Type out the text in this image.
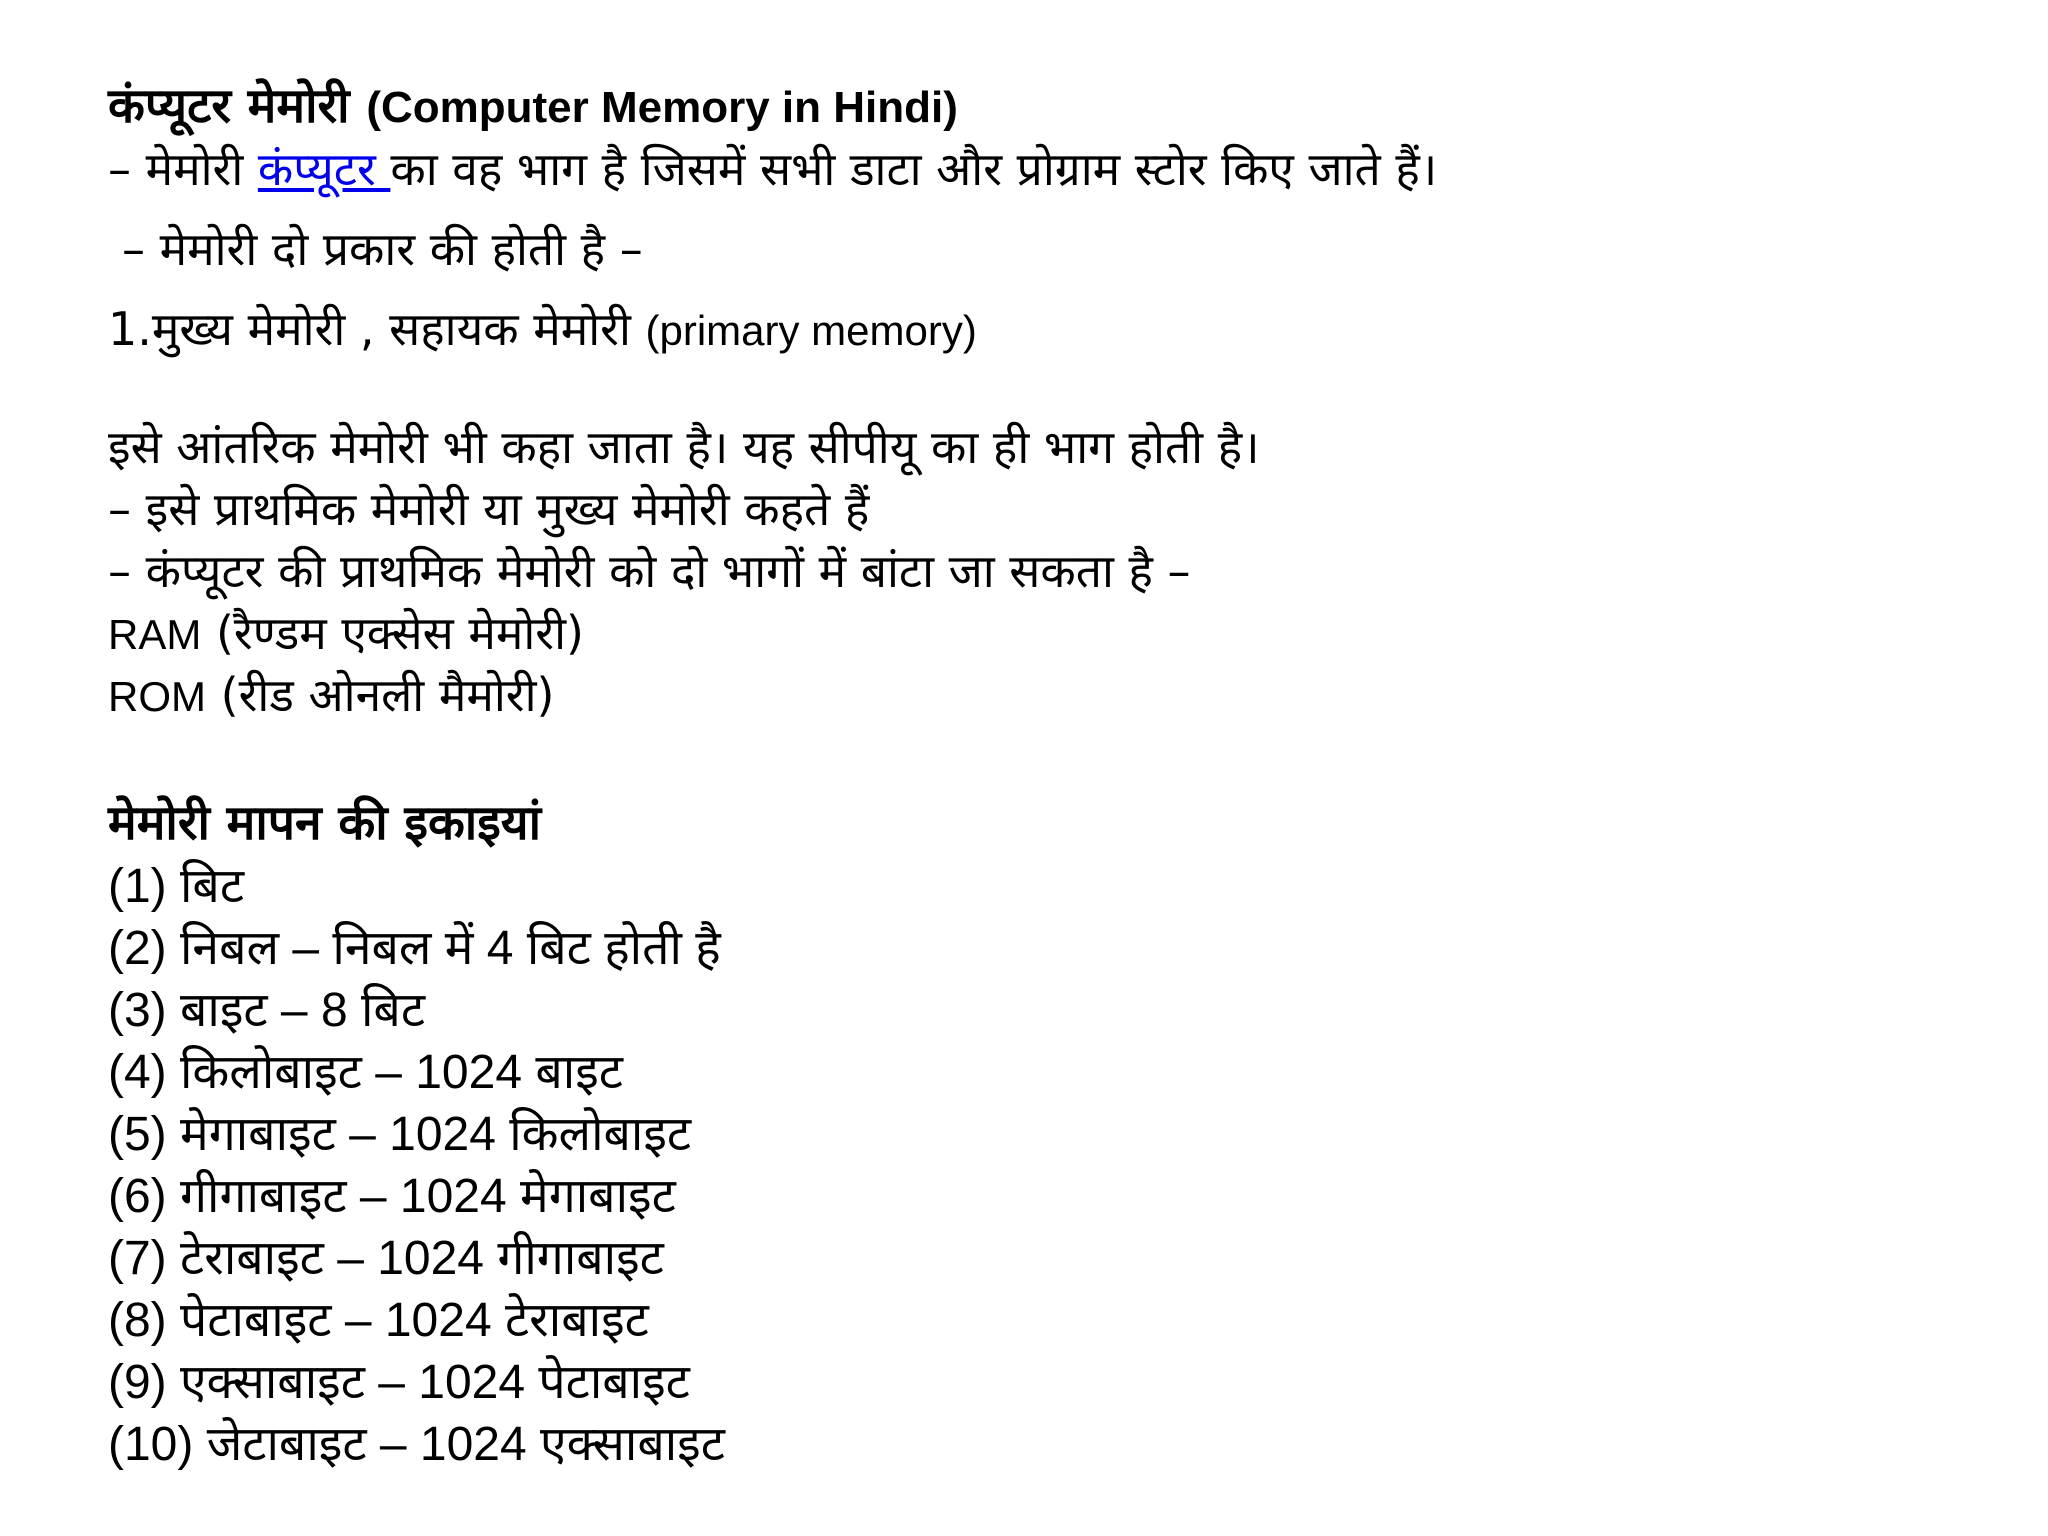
कंप्यूटर मेमोरी (Computer Memory in Hindi)
– मेमोरी कंप्यूटर का वह भाग है जिसमें सभी डाटा और प्रोग्राम स्टोर किए जाते हैं।
– मेमोरी दो प्रकार की होती है –
1.मुख्य मेमोरी , सहायक मेमोरी (primary memory)
इसे आंतरिक मेमोरी भी कहा जाता है। यह सीपीयू का ही भाग होती है।
– इसे प्राथमिक मेमोरी या मुख्य मेमोरी कहते हैं
– कंप्यूटर की प्राथमिक मेमोरी को दो भागों में बांटा जा सकता है –
RAM (रैण्डम एक्सेस मेमोरी)
ROM (रीड ओनली मैमोरी)
मेमोरी मापन की इकाइयां
(1) बिट
(2) निबल – निबल में 4 बिट होती है
(3) बाइट – 8 बिट
(4) किलोबाइट – 1024 बाइट
(5) मेगाबाइट – 1024 किलोबाइट
(6) गीगाबाइट – 1024 मेगाबाइट
(7) टेराबाइट – 1024 गीगाबाइट
(8) पेटाबाइट – 1024 टेराबाइट
(9) एक्साबाइट – 1024 पेटाबाइट
(10) जेटाबाइट – 1024 एक्साबाइट
